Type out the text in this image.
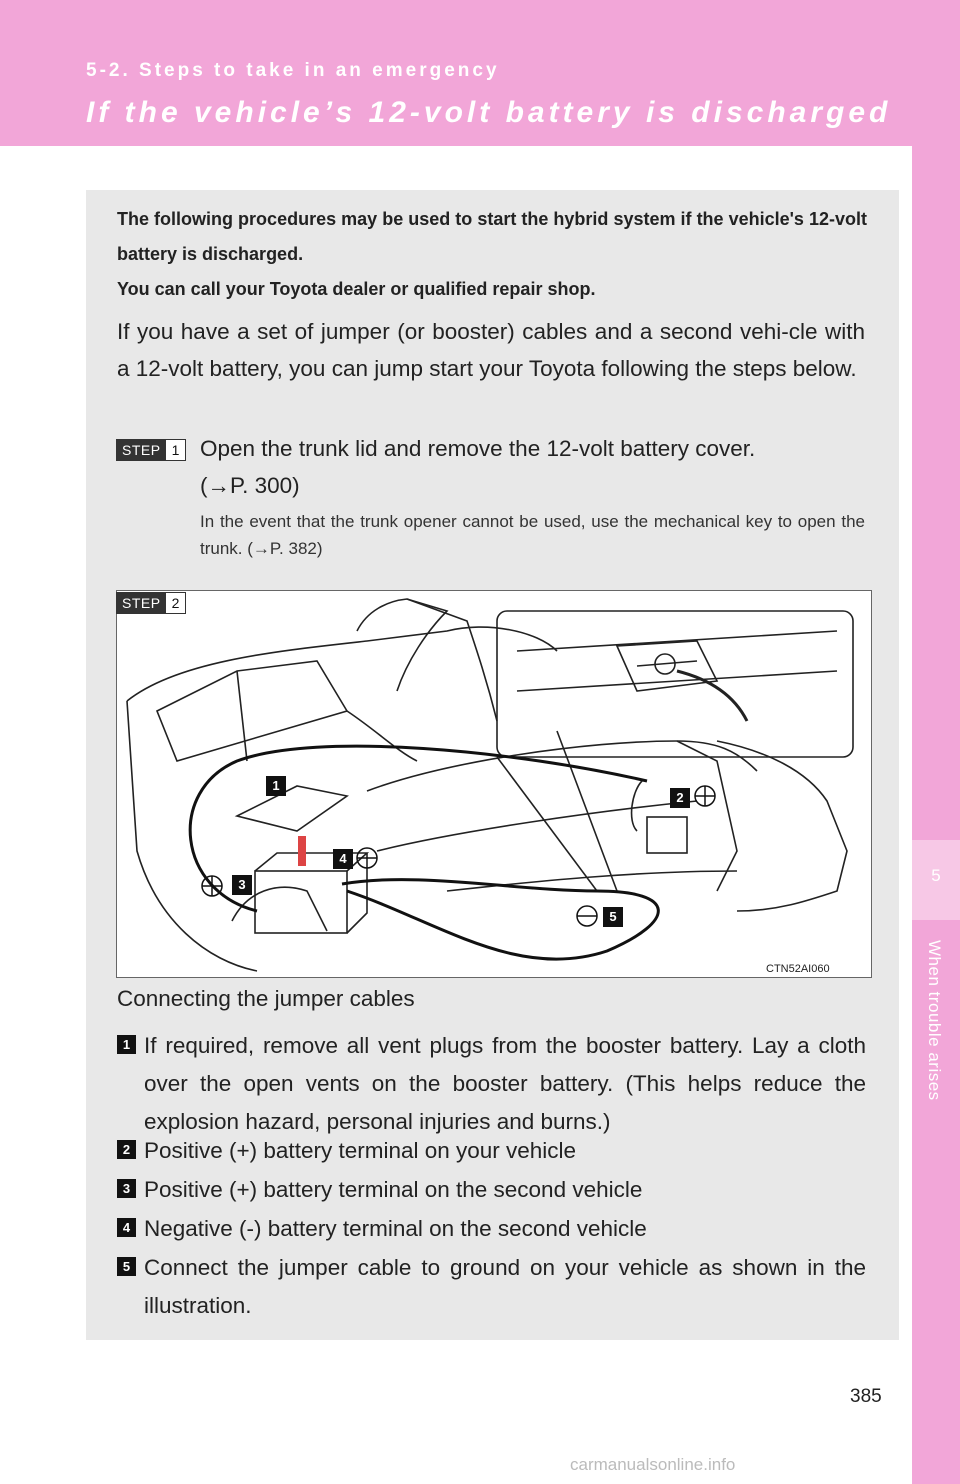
5-2. Steps to take in an emergency
If the vehicle’s 12-volt battery is discharged
5
When trouble arises
The following procedures may be used to start the hybrid system if the vehicle's 12-volt battery is discharged.
You can call your Toyota dealer or qualified repair shop.
If you have a set of jumper (or booster) cables and a second vehi-cle with a 12-volt battery, you can jump start your Toyota following the steps below.
STEP 1 Open the trunk lid and remove the 12-volt battery cover.
(→P. 300)
In the event that the trunk opener cannot be used, use the mechanical key to open the trunk. (→P. 382)
1
2
3
4
5
STEP 2
CTN52AI060
Connecting the jumper cables
1 If required, remove all vent plugs from the booster battery. Lay a cloth over the open vents on the booster battery. (This helps reduce the explosion hazard, personal injuries and burns.)
2 Positive (+) battery terminal on your vehicle
3 Positive (+) battery terminal on the second vehicle
4 Negative (-) battery terminal on the second vehicle
5 Connect the jumper cable to ground on your vehicle as shown in the illustration.
385
carmanualsonline.info
